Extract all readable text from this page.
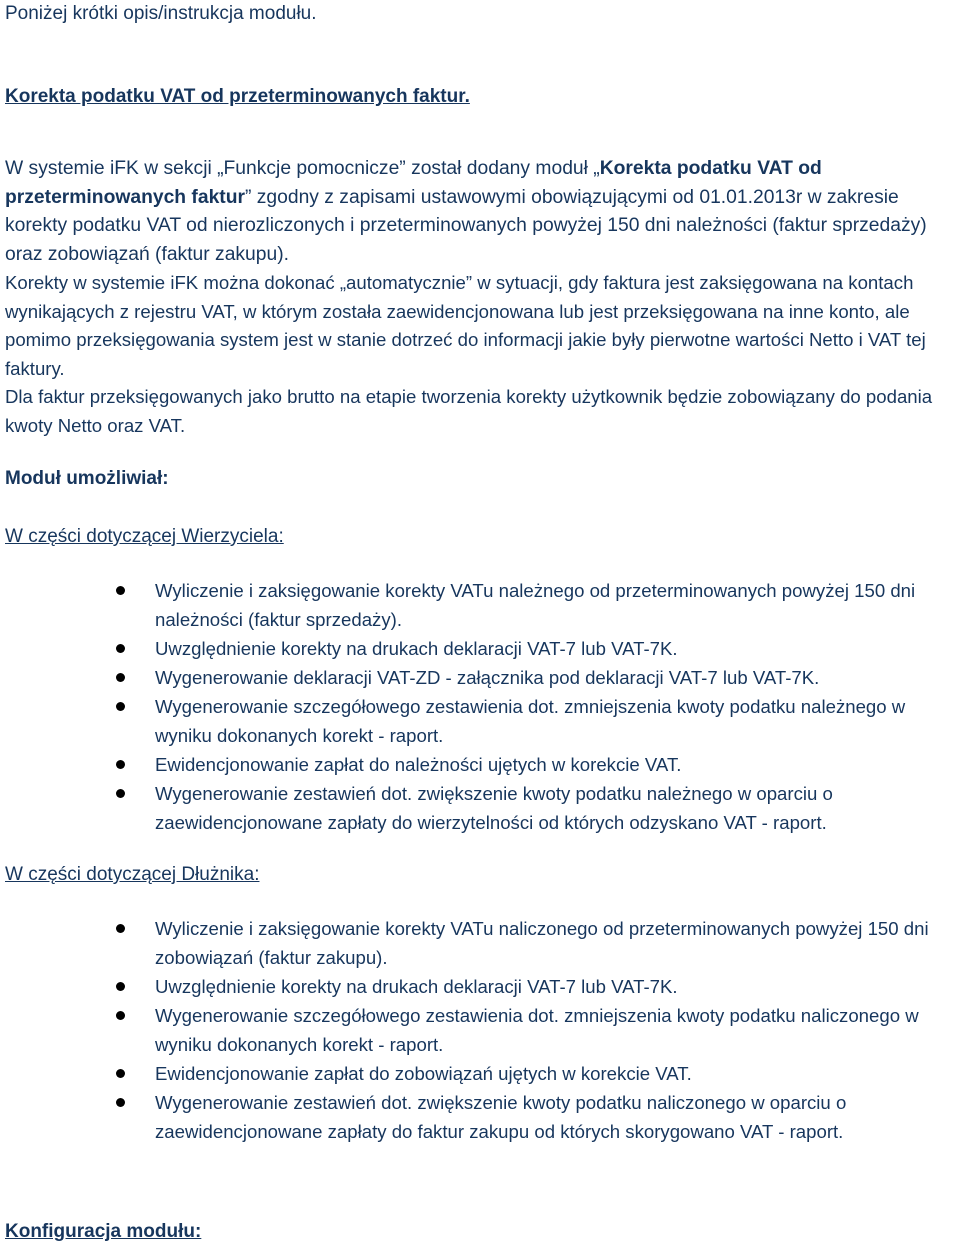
Poniżej krótki opis/instrukcja modułu.
Korekta podatku VAT od przeterminowanych faktur.

W systemie iFK w sekcji „Funkcje pomocnicze” został dodany moduł „Korekta podatku VAT od przeterminowanych faktur” zgodny z zapisami ustawowymi obowiązującymi od 01.01.2013r w zakresie korekty podatku VAT od nierozliczonych i przeterminowanych powyżej 150 dni należności (faktur sprzedaży) oraz zobowiązań (faktur zakupu).

Korekty w systemie iFK można dokonać „automatycznie” w sytuacji, gdy faktura jest zaksięgowana na kontach wynikających z rejestru VAT, w którym została zaewidencjonowana lub jest przeksięgowana na inne konto, ale pomimo przeksięgowania system jest w stanie dotrzeć do informacji jakie były pierwotne wartości Netto i VAT tej faktury.

Dla faktur przeksięgowanych jako brutto na etapie tworzenia korekty użytkownik będzie zobowiązany do podania kwoty Netto oraz VAT.

Moduł umożliwiał:
W części dotyczącej Wierzyciela:
Wyliczenie i zaksięgowanie korekty VATu należnego od przeterminowanych powyżej 150 dni należności (faktur sprzedaży).
Uwzględnienie korekty na drukach deklaracji VAT-7 lub VAT-7K.
Wygenerowanie deklaracji VAT-ZD - załącznika pod deklaracji VAT-7 lub VAT-7K.
Wygenerowanie szczegółowego zestawienia dot. zmniejszenia kwoty podatku należnego w wyniku dokonanych korekt - raport.
Ewidencjonowanie zapłat do należności ujętych w korekcie VAT.
Wygenerowanie zestawień dot. zwiększenie kwoty podatku należnego w oparciu o zaewidencjonowane zapłaty do wierzytelności od których odzyskano VAT - raport.
W części dotyczącej Dłużnika:
Wyliczenie i zaksięgowanie korekty VATu naliczonego od przeterminowanych powyżej 150 dni zobowiązań (faktur zakupu).
Uwzględnienie korekty na drukach deklaracji VAT-7 lub VAT-7K.
Wygenerowanie szczegółowego zestawienia dot. zmniejszenia kwoty podatku naliczonego w wyniku dokonanych korekt - raport.
Ewidencjonowanie zapłat do zobowiązań ujętych w korekcie VAT.
Wygenerowanie zestawień dot. zwiększenie kwoty podatku naliczonego w oparciu o zaewidencjonowane zapłaty do faktur zakupu od których skorygowano VAT - raport.
Konfiguracja modułu:
